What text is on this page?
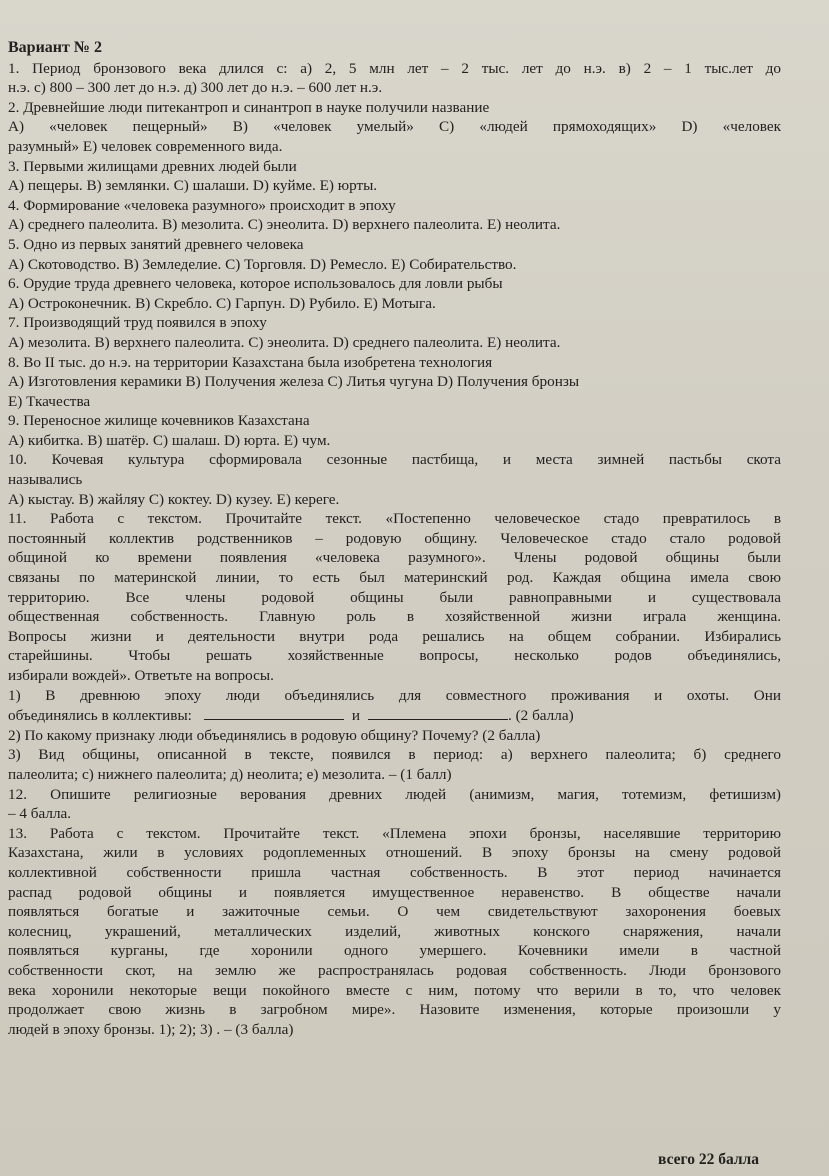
Вариант № 2
1. Период бронзового века длился с: а) 2, 5 млн лет – 2 тыс. лет до н.э. в) 2 – 1 тыс.лет до
н.э. с) 800 – 300 лет до н.э. д) 300 лет до н.э. – 600 лет н.э.
2. Древнейшие люди питекантроп и синантроп в науке получили название
A) «человек пещерный» B) «человек умелый» C) «людей прямоходящих» D) «человек
разумный» E) человек современного вида.
3. Первыми жилищами древних людей были
A) пещеры. B) землянки. C) шалаши. D) куйме. E) юрты.
4. Формирование «человека разумного» происходит в эпоху
A) среднего палеолита. B) мезолита. C) энеолита. D) верхнего палеолита. E) неолита.
5. Одно из первых занятий древнего человека
A) Скотоводство. B) Земледелие. C) Торговля. D) Ремесло. E) Собирательство.
6. Орудие труда древнего человека, которое использовалось для ловли рыбы
A) Остроконечник. B) Скребло. C) Гарпун. D) Рубило. E) Мотыга.
7. Производящий труд появился в эпоху
A) мезолита. B) верхнего палеолита. C) энеолита. D) среднего палеолита. E) неолита.
8. Во II тыс. до н.э. на территории Казахстана была изобретена технология
A) Изготовления керамики B) Получения железа C) Литья чугуна D) Получения бронзы
E) Ткачества
9. Переносное жилище кочевников Казахстана
A) кибитка. B) шатёр. C) шалаш. D) юрта. E) чум.
10. Кочевая культура сформировала сезонные пастбища, и места зимней пастьбы скота
назывались
A) кыстау. B) жайляу C) коктеу. D) кузеу. E) кереге.
11. Работа с текстом. Прочитайте текст. «Постепенно человеческое стадо превратилось в
постоянный коллектив родственников – родовую общину. Человеческое стадо стало родовой
общиной ко времени появления «человека разумного». Члены родовой общины были
связаны по материнской линии, то есть был материнский род. Каждая община имела свою
территорию. Все члены родовой общины были равноправными и существовала
общественная собственность. Главную роль в хозяйственной жизни играла женщина.
Вопросы жизни и деятельности внутри рода решались на общем собрании. Избирались
старейшины. Чтобы решать хозяйственные вопросы, несколько родов объединялись,
избирали вождей». Ответьте на вопросы.
1) В древнюю эпоху люди объединялись для совместного проживания и охоты. Они
объединялись в коллективы:	и	. (2 балла)
2) По какому признаку люди объединялись в родовую общину? Почему? (2 балла)
3) Вид общины, описанной в тексте, появился в период: а) верхнего палеолита; б) среднего
палеолита; с) нижнего палеолита; д) неолита; е) мезолита. – (1 балл)
12. Опишите религиозные верования древних людей (анимизм, магия, тотемизм, фетишизм)
– 4 балла.
13. Работа с текстом. Прочитайте текст. «Племена эпохи бронзы, населявшие территорию
Казахстана, жили в условиях родоплеменных отношений. В эпоху бронзы на смену родовой
коллективной собственности пришла частная собственность. В этот период начинается
распад родовой общины и появляется имущественное неравенство. В обществе начали
появляться богатые и зажиточные семьи. О чем свидетельствуют захоронения боевых
колесниц, украшений, металлических изделий, животных конского снаряжения, начали
появляться курганы, где хоронили одного умершего. Кочевники имели в частной
собственности скот, на землю же распространялась родовая собственность. Люди бронзового
века хоронили некоторые вещи покойного вместе с ним, потому что верили в то, что человек
продолжает свою жизнь в загробном мире». Назовите изменения, которые произошли у
людей в эпоху бронзы. 1); 2); 3) . – (3 балла)
всего 22 балла
